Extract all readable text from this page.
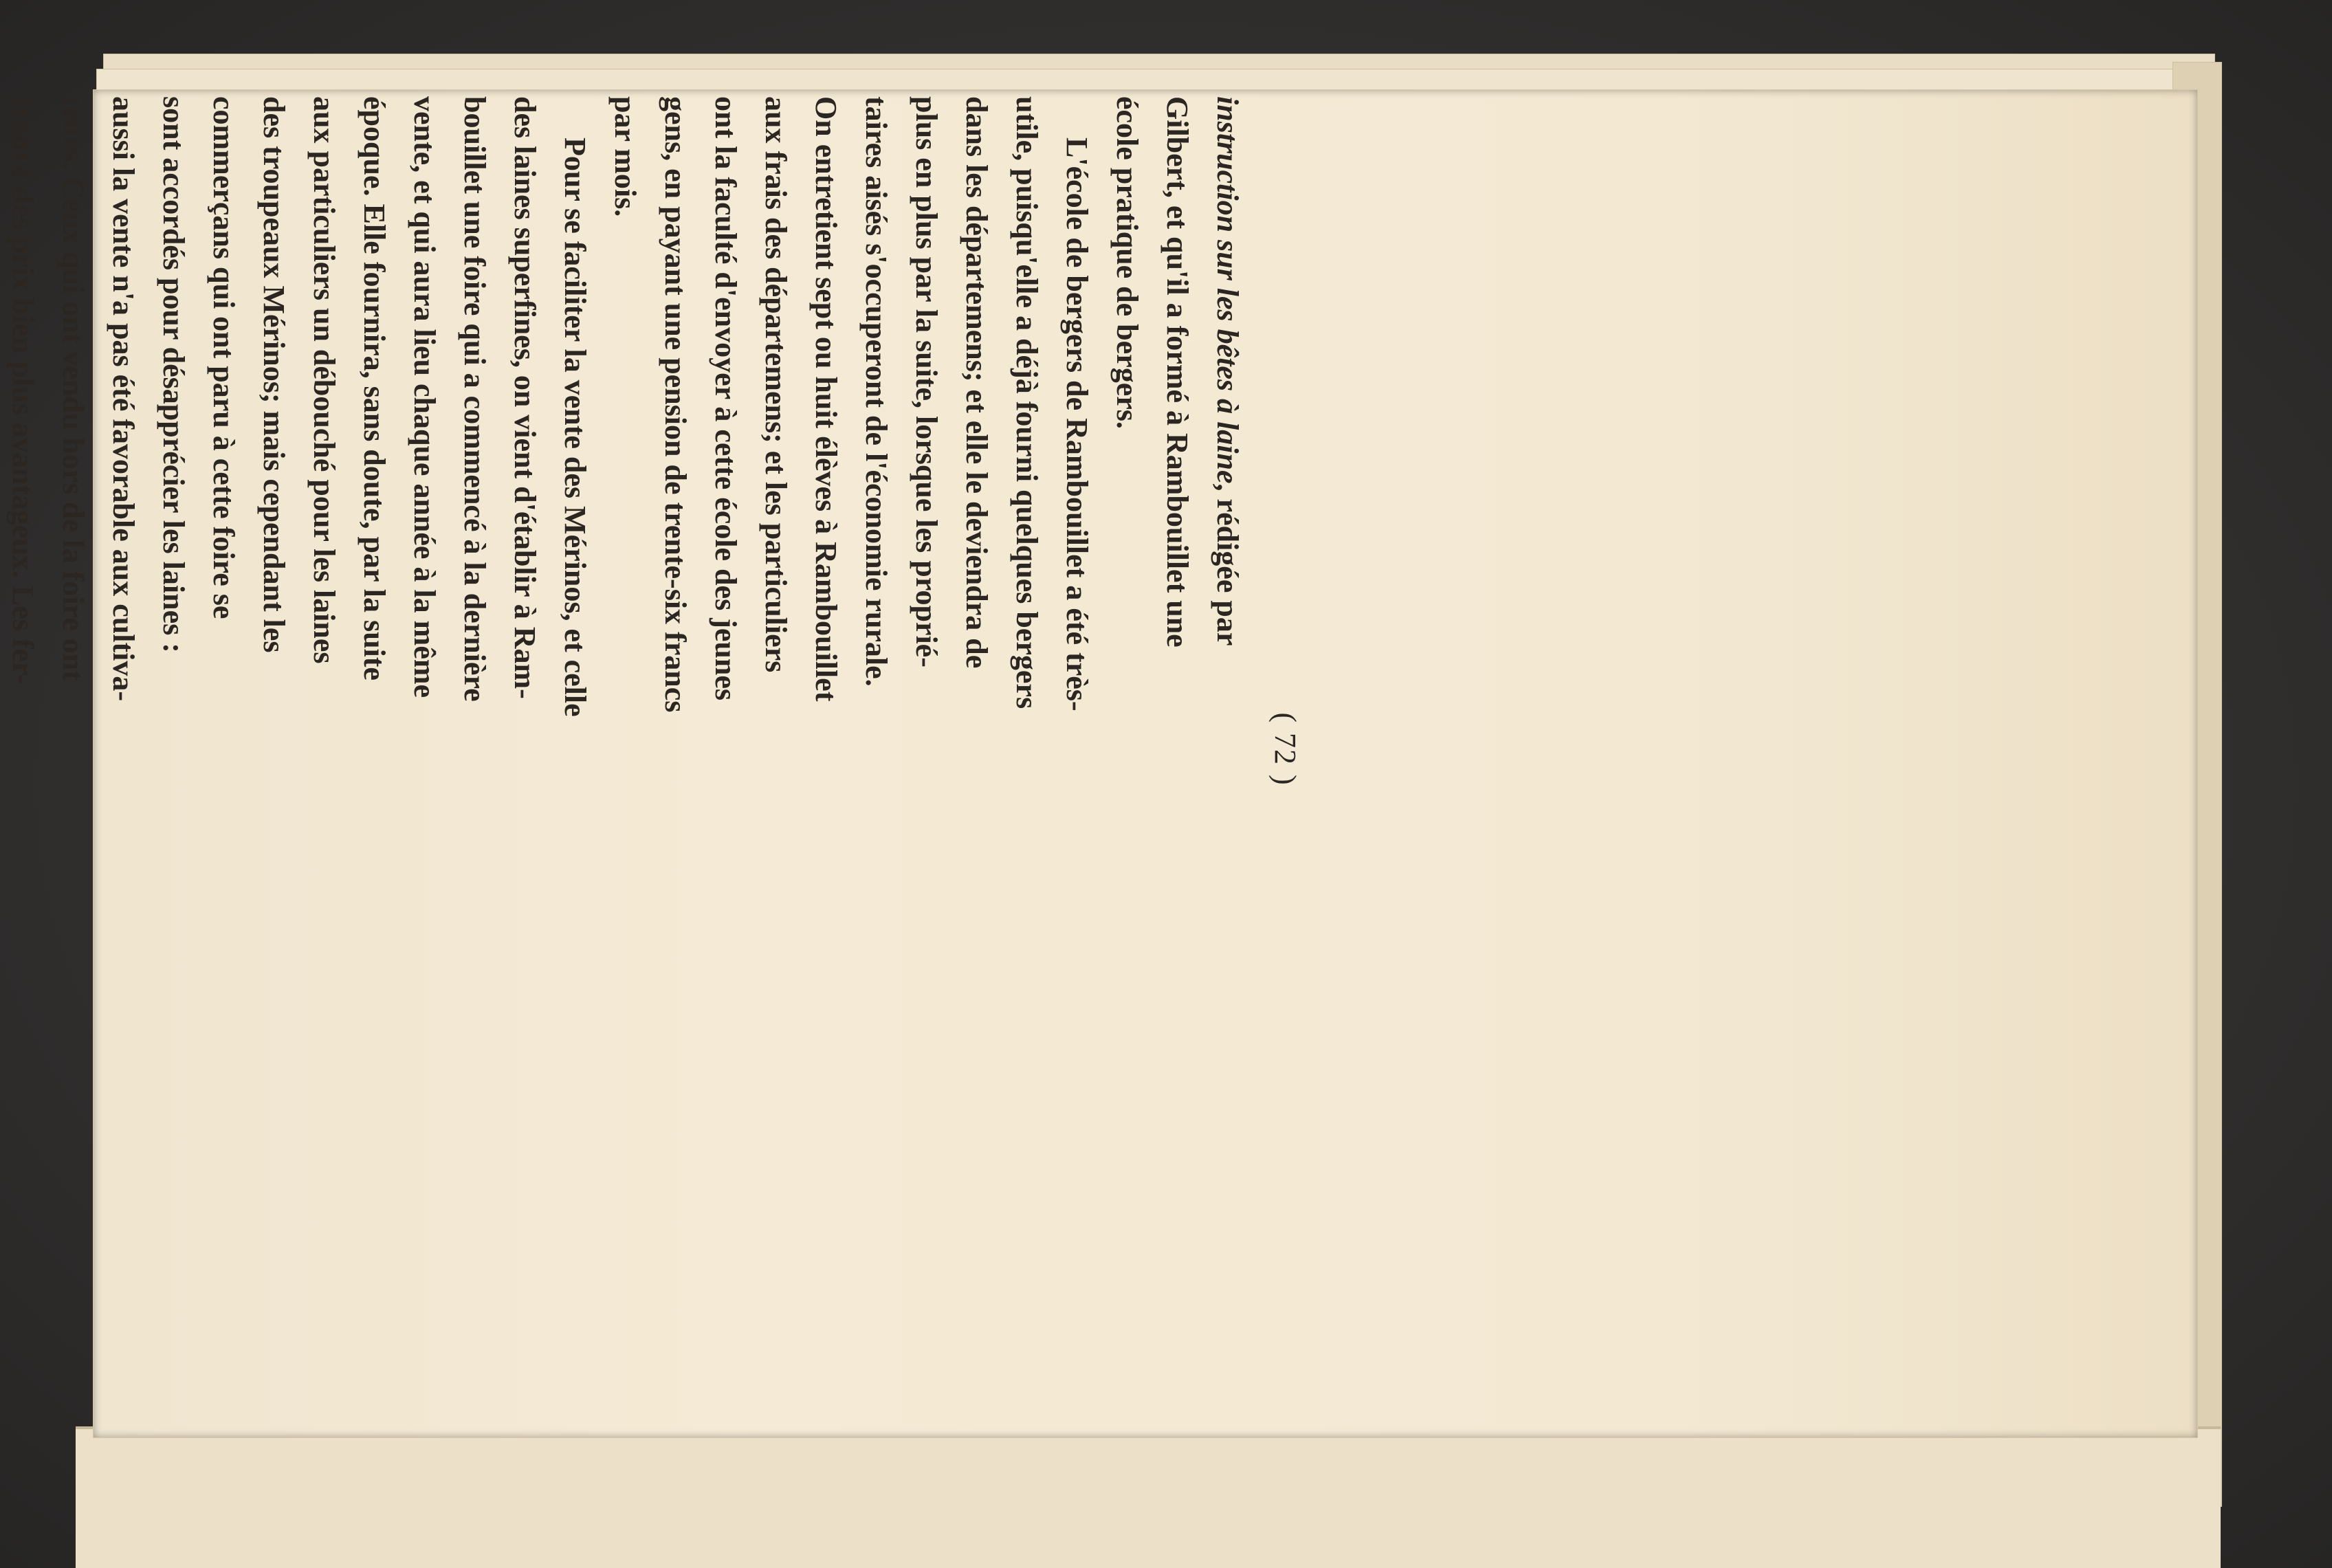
( 72 )

instruction sur les bêtes à laine, rédigée par

Gilbert, et qu'il a formé à Rambouillet une

école pratique de bergers.

L'école de bergers de Rambouillet a été très-

utile, puisqu'elle a déjà fourni quelques bergers

dans les départemens; et elle le deviendra de

plus en plus par la suite, lorsque les proprié-

taires aisés s'occuperont de l'économie rurale.

On entretient sept ou huit élèves à Rambouillet

aux frais des départemens; et les particuliers

ont la faculté d'envoyer à cette école des jeunes

gens, en payant une pension de trente-six francs

par mois.

Pour se faciliter la vente des Mérinos, et celle

des laines superfines, on vient d'établir à Ram-

bouillet une foire qui a commencé à la dernière

vente, et qui aura lieu chaque année à la même

époque. Elle fournira, sans doute, par la suite

aux particuliers un débouché pour les laines

des troupeaux Mérinos; mais cependant les

commerçans qui ont paru à cette foire se

sont accordés pour désapprécier les laines :

aussi la vente n'a pas été favorable aux cultiva-

teurs. Ceux qui ont vendu hors de la foire ont

trouvé des prix bien plus avantageux. Les fer-
